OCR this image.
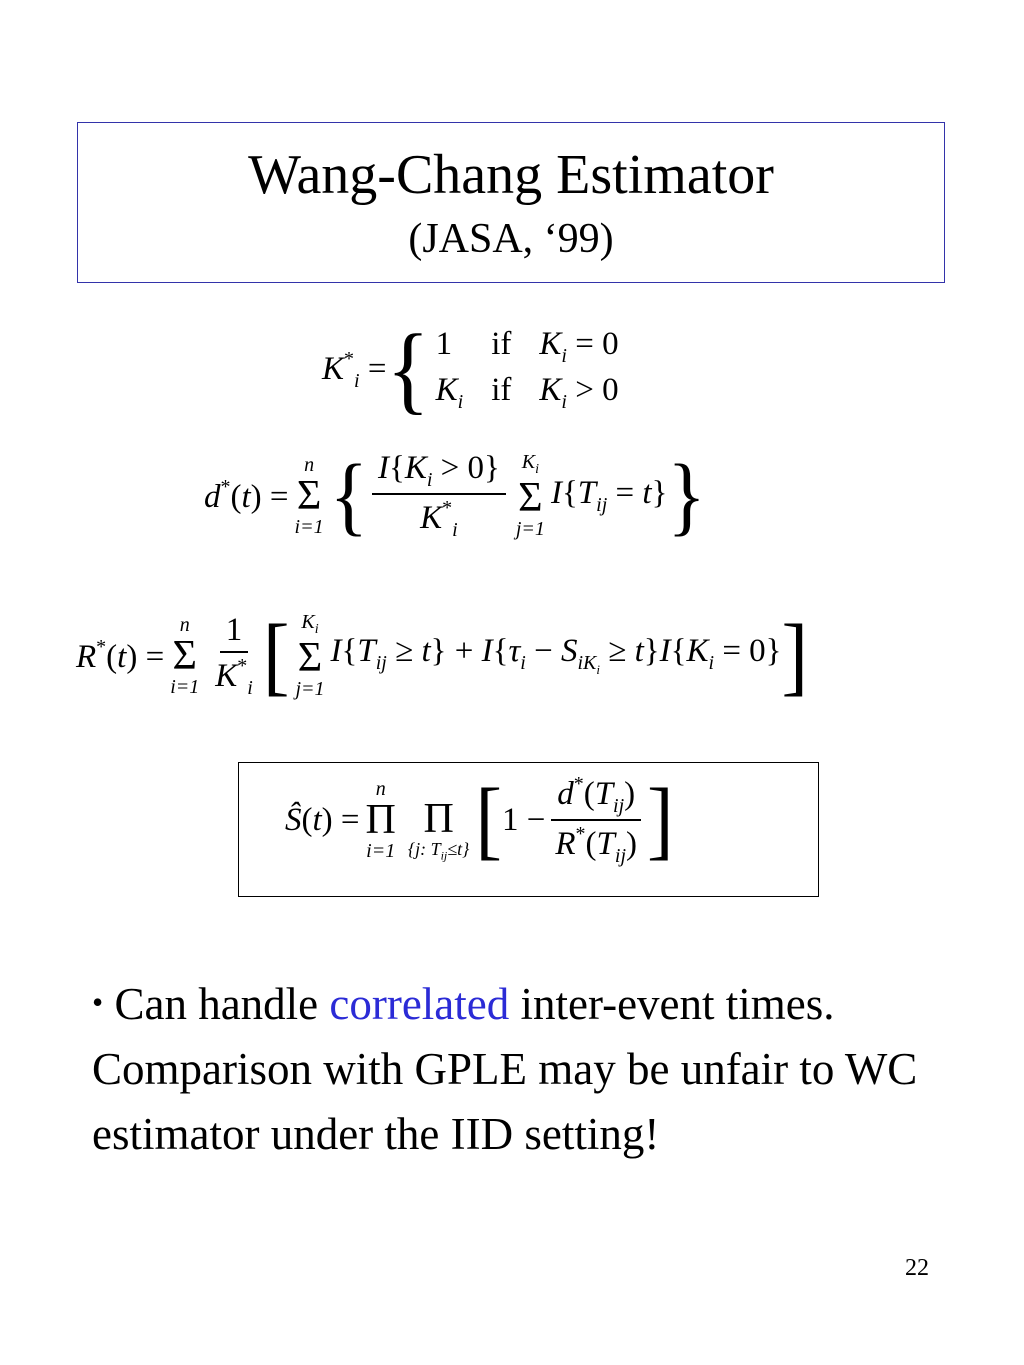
Wang-Chang Estimator
(JASA, ‘99)
$K^*_i$ = { 1	if $K_i = 0$
$K_i$ if $K_i > 0$
d*(t) =
n
Σ
i=1 { $\frac{I\{K_i > 0\}}{K^*_i} K_i$
Σ
j=1
$I\{T_{ij} = t\}$ }
R*(t) =
n
Σ
$i=1 \frac{1}{K^*_i}$ [ $K_i$
Σ
j=1
$I\{T_{ij} \ge t\} + I\{\tau_i - S_{iK_i} \ge t\}I\{K_i = 0\}$ ]
Ŝ(t) =
n
Π
i=1

Π
{j: $T_{ij}\le t$} [ $1 - \frac{d^*(T_{ij})}{R^*(T_{ij})}$ ]
• Can handle correlated inter-event times. Comparison with GPLE may be unfair to WC estimator under the IID setting!
22
